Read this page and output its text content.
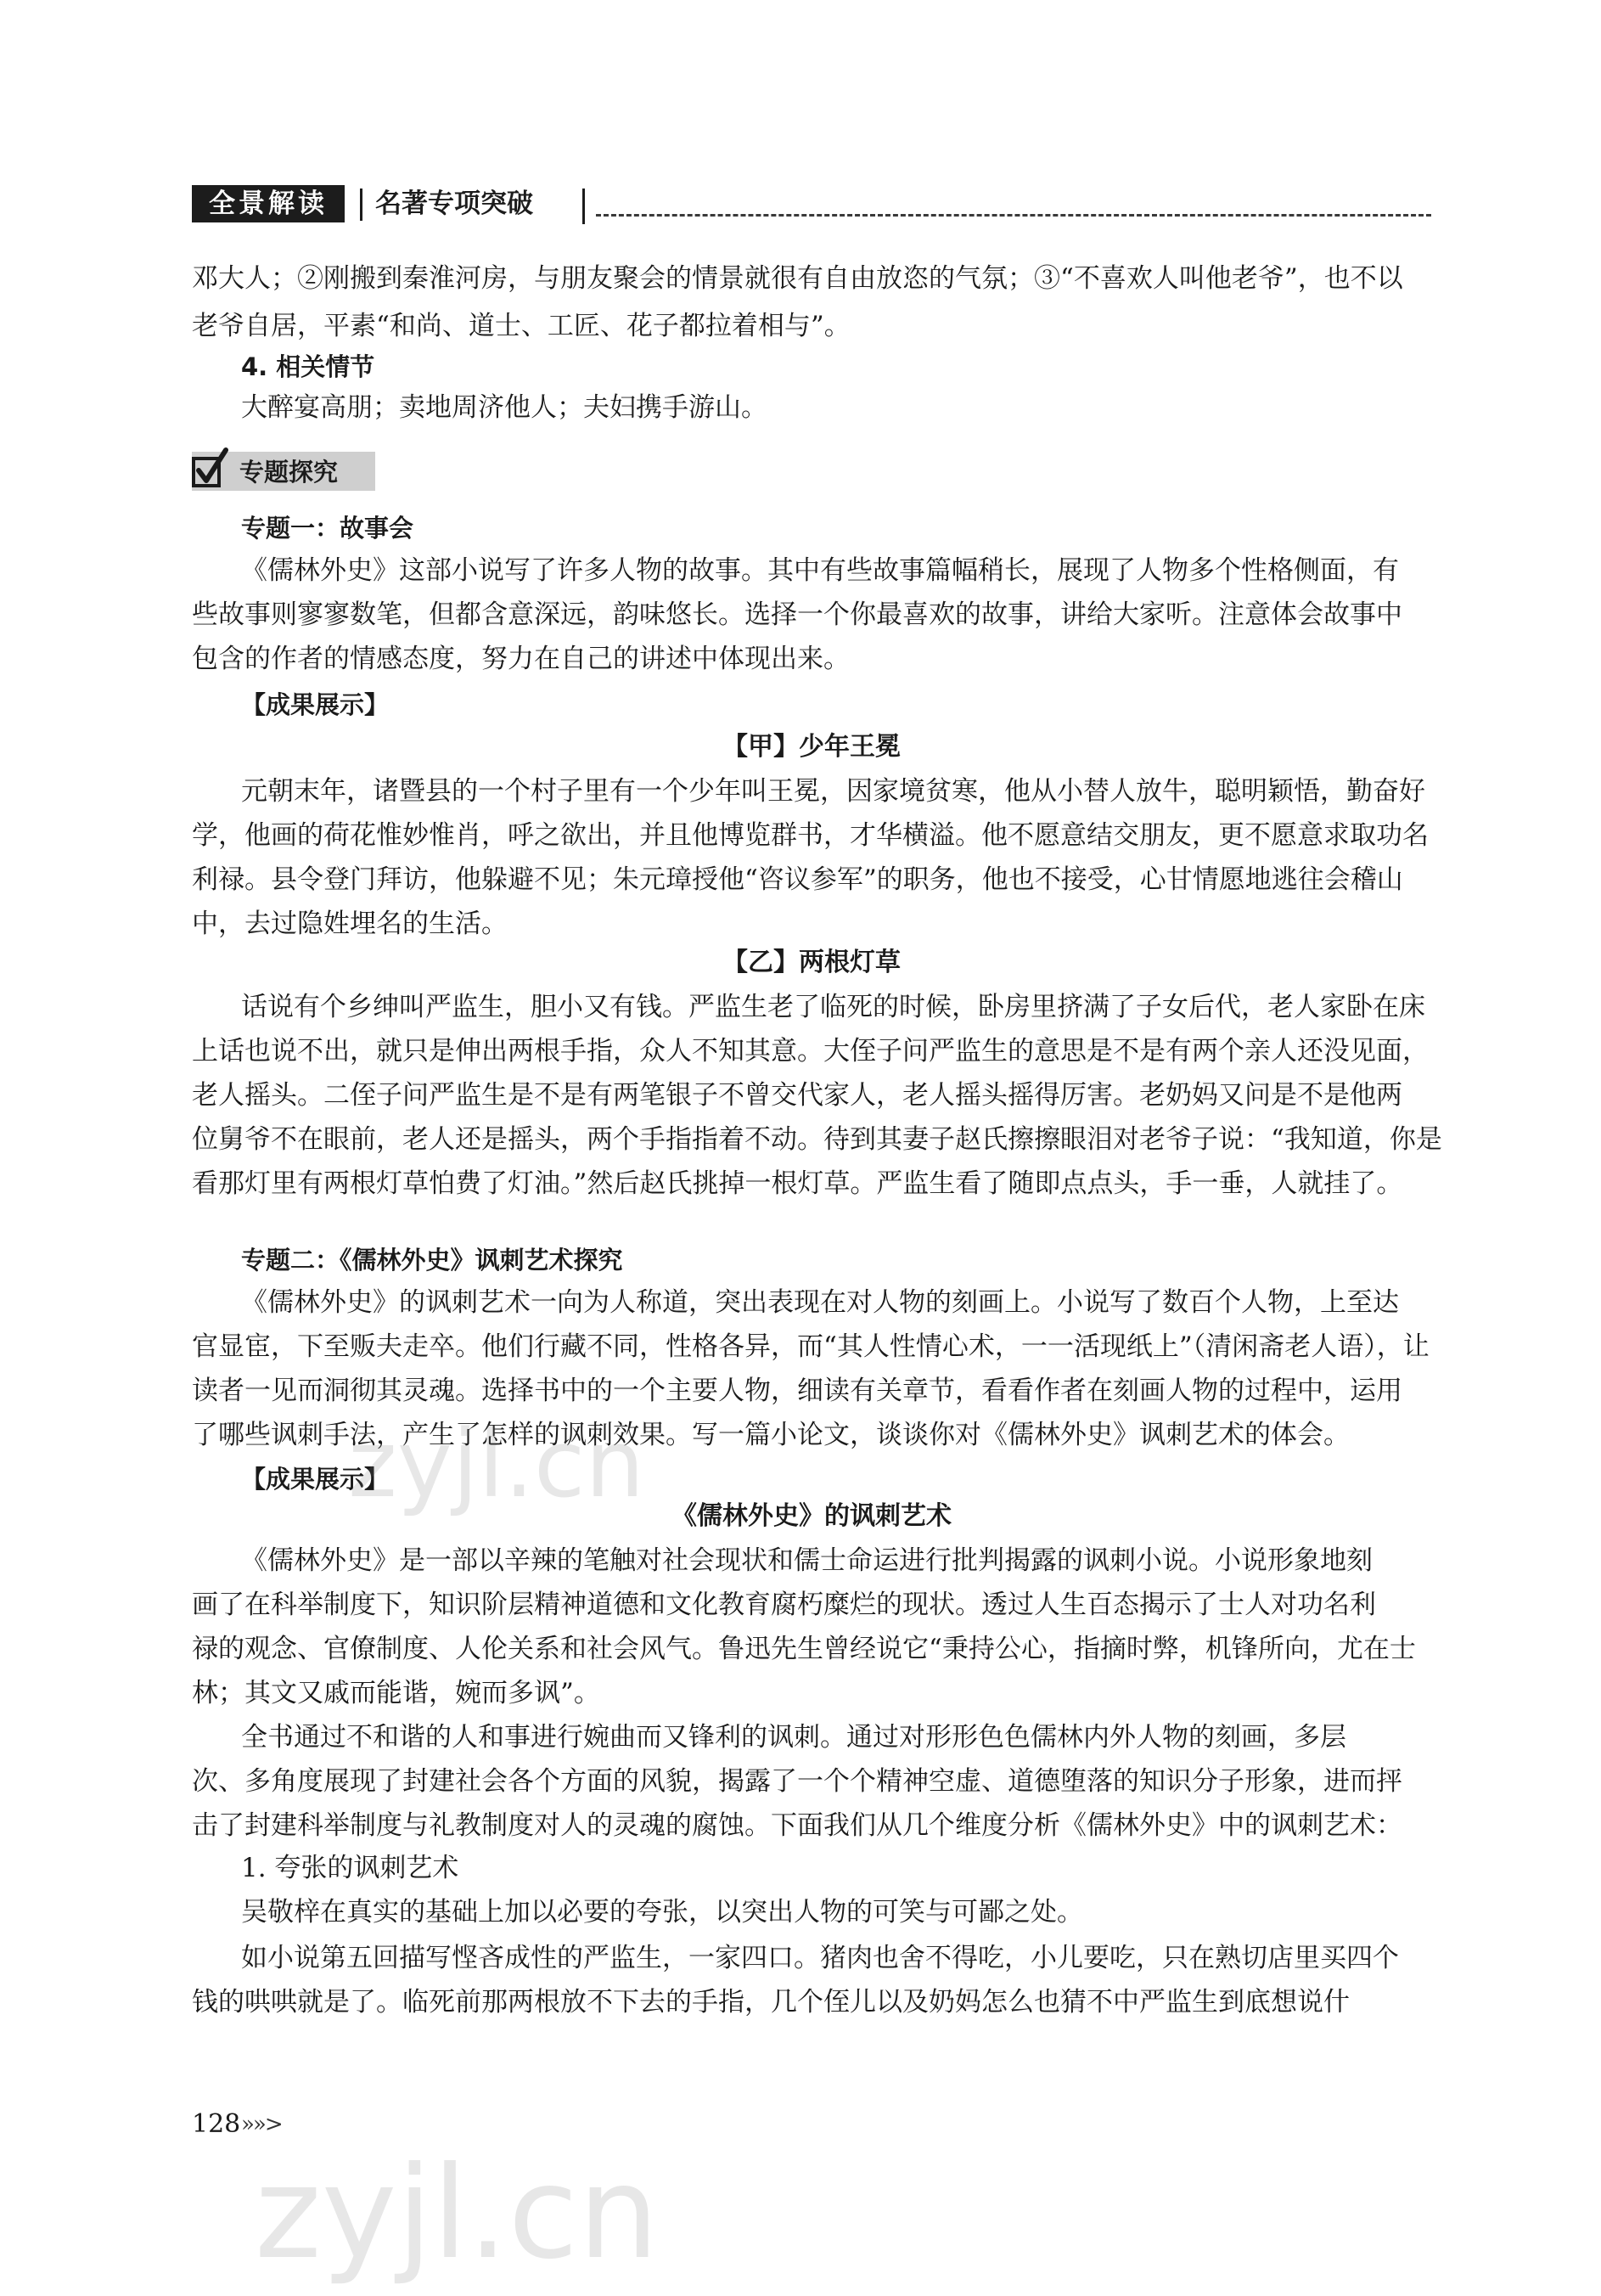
全景解读	名著专项突破
邓大人；②刚搬到秦淮河房，与朋友聚会的情景就很有自由放恣的气氛；③“不喜欢人叫他老爷”，也不以
老爷自居，平素“和尚、道士、工匠、花子都拉着相与”。
4. 相关情节
大醉宴高朋；卖地周济他人；夫妇携手游山。
专题探究
专题一：故事会
《儒林外史》这部小说写了许多人物的故事。其中有些故事篇幅稍长，展现了人物多个性格侧面，有
些故事则寥寥数笔，但都含意深远，韵味悠长。选择一个你最喜欢的故事，讲给大家听。注意体会故事中
包含的作者的情感态度，努力在自己的讲述中体现出来。
【成果展示】
【甲】少年王冕
元朝末年，诸暨县的一个村子里有一个少年叫王冕，因家境贫寒，他从小替人放牛，聪明颖悟，勤奋好
学，他画的荷花惟妙惟肖，呼之欲出，并且他博览群书，才华横溢。他不愿意结交朋友，更不愿意求取功名
利禄。县令登门拜访，他躲避不见；朱元璋授他“咨议参军”的职务，他也不接受，心甘情愿地逃往会稽山
中，去过隐姓埋名的生活。
【乙】两根灯草
话说有个乡绅叫严监生，胆小又有钱。严监生老了临死的时候，卧房里挤满了子女后代，老人家卧在床
上话也说不出，就只是伸出两根手指，众人不知其意。大侄子问严监生的意思是不是有两个亲人还没见面，
老人摇头。二侄子问严监生是不是有两笔银子不曾交代家人，老人摇头摇得厉害。老奶妈又问是不是他两
位舅爷不在眼前，老人还是摇头，两个手指指着不动。待到其妻子赵氏擦擦眼泪对老爷子说：“我知道，你是
看那灯里有两根灯草怕费了灯油。”然后赵氏挑掉一根灯草。严监生看了随即点点头，手一垂，人就挂了。
专题二：《儒林外史》讽刺艺术探究
《儒林外史》的讽刺艺术一向为人称道，突出表现在对人物的刻画上。小说写了数百个人物，上至达
官显宦，下至贩夫走卒。他们行藏不同，性格各异，而“其人性情心术，一一活现纸上”（清闲斋老人语），让
读者一见而洞彻其灵魂。选择书中的一个主要人物，细读有关章节，看看作者在刻画人物的过程中，运用
了哪些讽刺手法，产生了怎样的讽刺效果。写一篇小论文，谈谈你对《儒林外史》讽刺艺术的体会。
【成果展示】
《儒林外史》的讽刺艺术
《儒林外史》是一部以辛辣的笔触对社会现状和儒士命运进行批判揭露的讽刺小说。小说形象地刻
画了在科举制度下，知识阶层精神道德和文化教育腐朽糜烂的现状。透过人生百态揭示了士人对功名利
禄的观念、官僚制度、人伦关系和社会风气。鲁迅先生曾经说它“秉持公心，指摘时弊，机锋所向，尤在士
林；其文又戚而能谐，婉而多讽”。
全书通过不和谐的人和事进行婉曲而又锋利的讽刺。通过对形形色色儒林内外人物的刻画，多层
次、多角度展现了封建社会各个方面的风貌，揭露了一个个精神空虚、道德堕落的知识分子形象，进而抨
击了封建科举制度与礼教制度对人的灵魂的腐蚀。下面我们从几个维度分析《儒林外史》中的讽刺艺术：
1. 夸张的讽刺艺术
吴敬梓在真实的基础上加以必要的夸张，以突出人物的可笑与可鄙之处。
如小说第五回描写悭吝成性的严监生，一家四口。猪肉也舍不得吃，小儿要吃，只在熟切店里买四个
钱的哄哄就是了。临死前那两根放不下去的手指，几个侄儿以及奶妈怎么也猜不中严监生到底想说什
128 »»>
zyjl.cn
zyjl.cn
